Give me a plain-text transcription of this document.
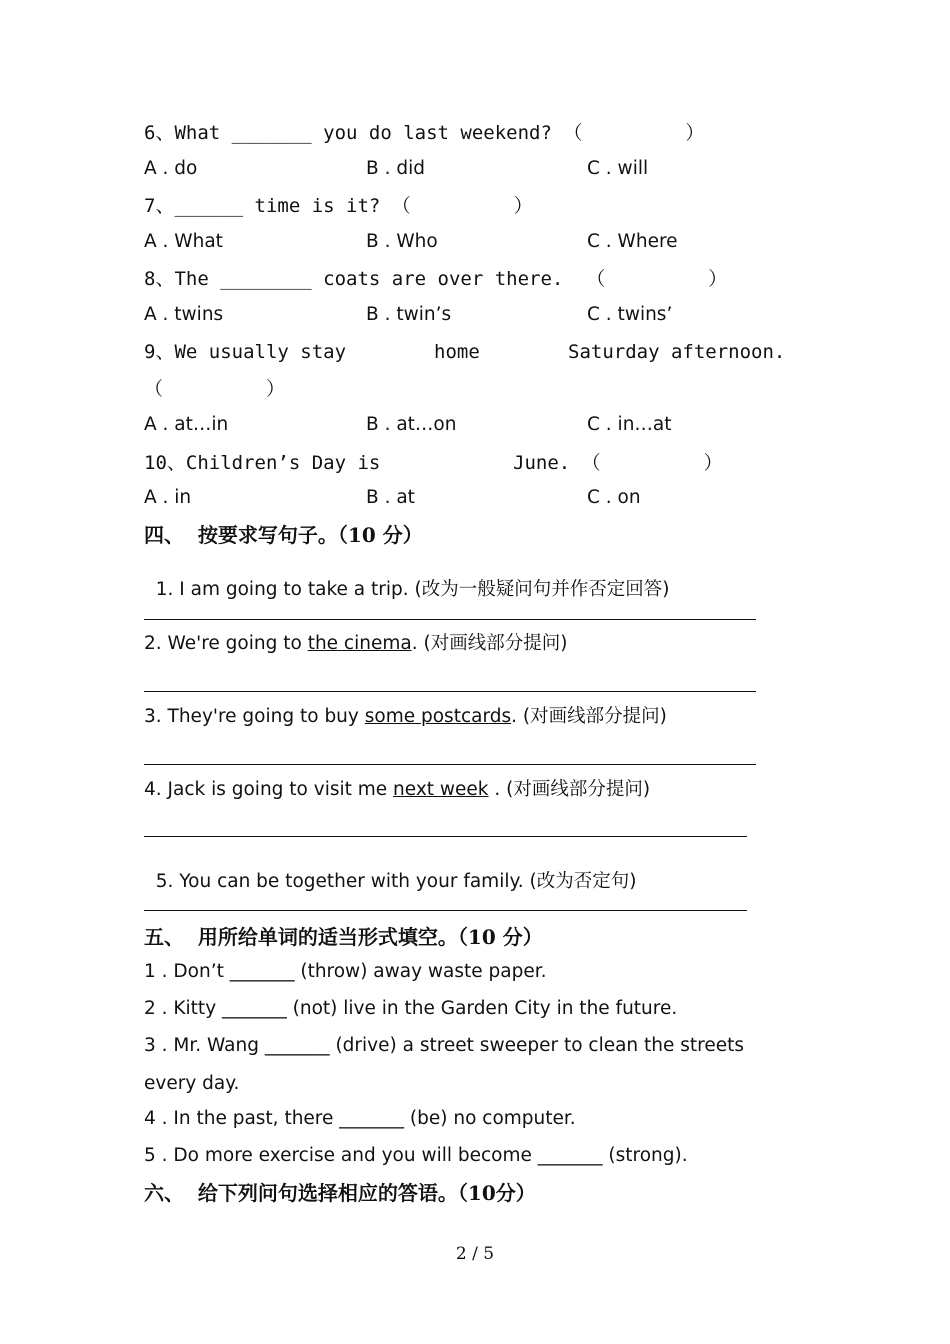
6、What _______ you do last weekend? （         ）
A . do	B . did	C . will
7、______ time is it? （         ）
A . What	B . Who	C . Where
8、The ________ coats are over there.  （         ）
A . twins	B . twin’s	C . twins’
9、We usually stay	home	Saturday afternoon.
（         ）
A . at…in	B . at…on	C . in…at
10、Children’s Day is	June. （         ）
A . in	B . at	C . on
四、  按要求写句子。（10 分）

1. I am going to take a trip. (改为一般疑问句并作否定回答)

2. We're going to the cinema. (对画线部分提问)
3. They're going to buy some postcards. (对画线部分提问)
4. Jack is going to visit me next week . (对画线部分提问)

5. You can be together with your family. (改为否定句)

五、  用所给单词的适当形式填空。（10 分）
1 . Don’t _______ (throw) away waste paper.
2 . Kitty _______ (not) live in the Garden City in the future.
3 . Mr. Wang _______ (drive) a street sweeper to clean the streets
every day.
4 . In the past, there _______ (be) no computer.
5 . Do more exercise and you will become _______ (strong).
六、  给下列问句选择相应的答语。（10分）
2 / 5
